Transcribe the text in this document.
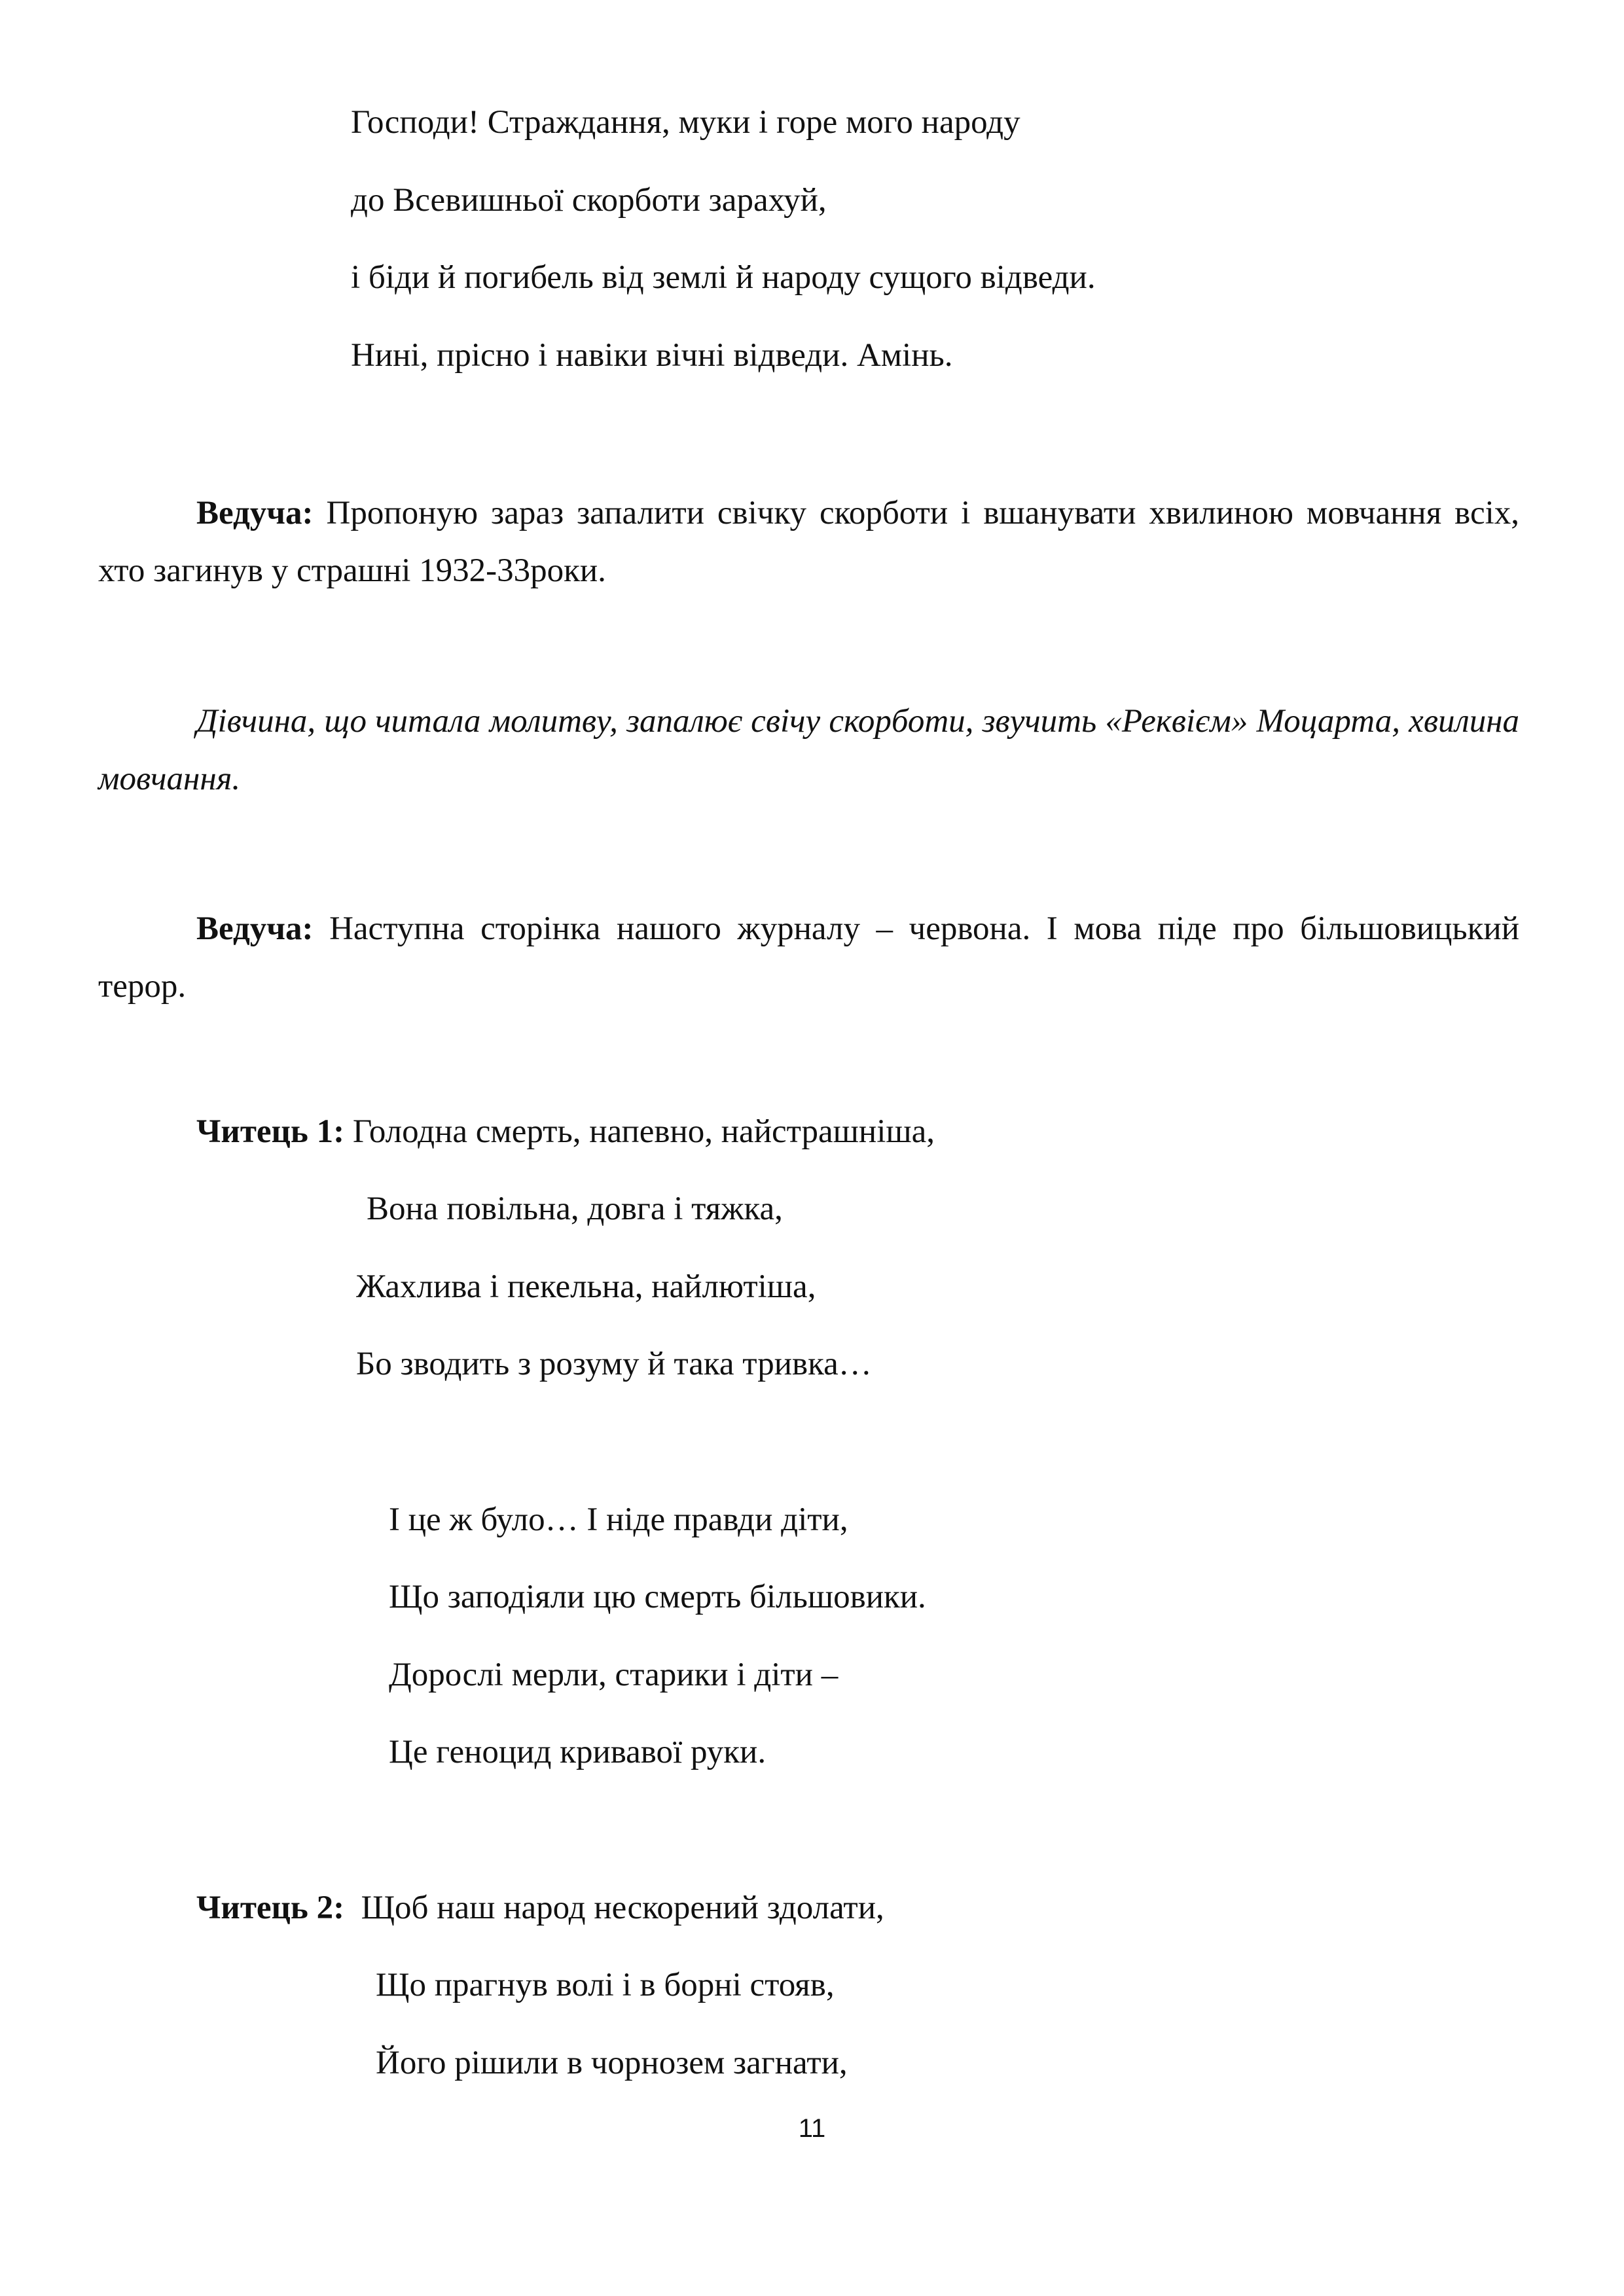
Господи! Страждання, муки і горе мого народу

до Всевишньої скорботи зарахуй,

і біди й погибель від землі й народу сущого відведи.

Нині, прісно і навіки вічні відведи. Амінь.

Ведуча: Пропоную зараз запалити свічку скорботи і вшанувати хвилиною мовчання всіх, хто загинув у страшні 1932-33роки.

Дівчина, що читала молитву, запалює свічу скорботи, звучить «Реквієм» Моцарта, хвилина мовчання.

Ведуча: Наступна сторінка нашого журналу – червона. І мова піде про більшовицький терор.

Читець 1: Голодна смерть, напевно, найстрашніша,

Вона повільна, довга і тяжка,

Жахлива і пекельна, найлютіша,

Бо зводить з розуму й така тривка…

І це ж було… І ніде правди діти,

Що заподіяли цю смерть більшовики.

Дорослі мерли, старики і діти –

Це геноцид кривавої руки.

Читець 2: Щоб наш народ нескорений здолати,

Що прагнув волі і в борні стояв,

Його рішили в чорнозем загнати,

11
